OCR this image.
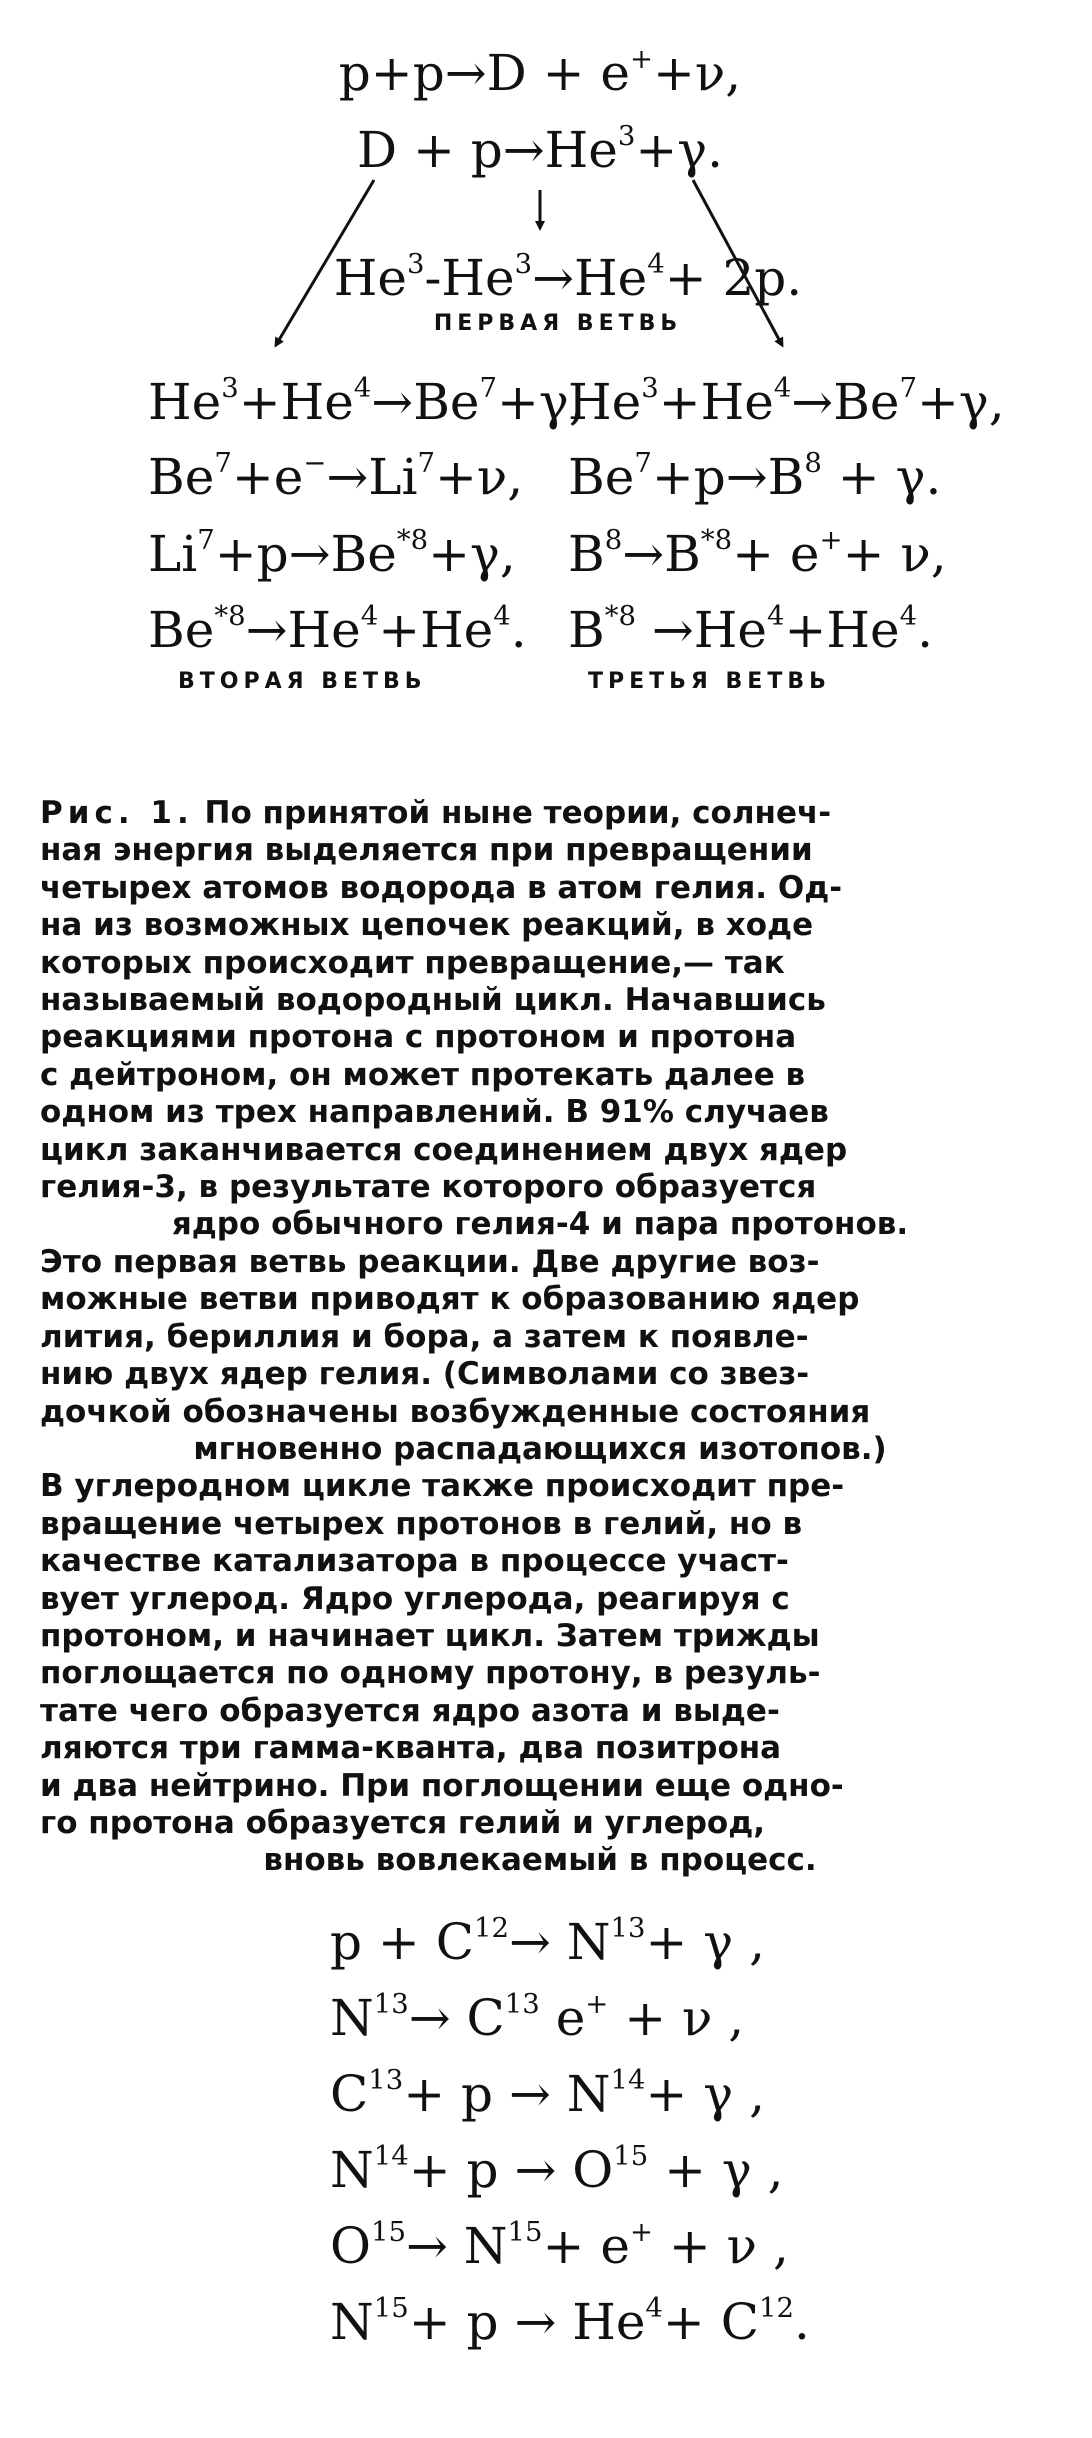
p+p→D + e++ν,
$D + p\to He^3+\gamma$.
$He^3-He^3\to He^4+ 2p$.
ПЕРВАЯ ВЕТВЬ
$He^3+He^4\to Be^7+\gamma$,
$Be^7+e^-\to Li^7+\nu$,
$Li^7+p\to Be^{*8}+\gamma$,
$Be^{*8}\to He^4+He^4$.
ВТОРАЯ ВЕТВЬ
$He^3+He^4\to Be^7+\gamma$,
$Be^7+p\to B^8 + \gamma$.
$B^8\to B^{*8}+ e^++ \nu$,
$B^{*8} \to He^4+He^4$.
ТРЕТЬЯ ВЕТВЬ

Рис. 1. По принятой ныне теории, солнеч-

ная энергия выделяется при превращении

четырех атомов водорода в атом гелия. Од-

на из возможных цепочек реакций, в ходе

которых происходит превращение,— так

называемый водородный цикл. Начавшись

реакциями протона с протоном и протона

с дейтроном, он может протекать далее в

одном из трех направлений. В 91% случаев

цикл заканчивается соединением двух ядер

гелия-3, в результате которого образуется

ядро обычного гелия-4 и пара протонов.

Это первая ветвь реакции. Две другие воз-

можные ветви приводят к образованию ядер

лития, бериллия и бора, а затем к появле-

нию двух ядер гелия. (Символами со звез-

дочкой обозначены возбужденные состояния

мгновенно распадающихся изотопов.)

В углеродном цикле также происходит пре-

вращение четырех протонов в гелий, но в

качестве катализатора в процессе участ-

вует углерод. Ядро углерода, реагируя с

протоном, и начинает цикл. Затем трижды

поглощается по одному протону, в резуль-

тате чего образуется ядро азота и выде-

ляются три гамма-кванта, два позитрона

и два нейтрино. При поглощении еще одно-

го протона образуется гелий и углерод,

вновь вовлекаемый в процесс.

$p + C^{12}\to N^{13}+ \gamma$ ,
$N^{13}\to C^{13}$ e+ + ν ,
$C^{13}+ p \to N^{14}+ \gamma$ ,
$N^{14}+ p \to O^{15} + \gamma$ ,
$O^{15}\to N^{15}+ e^+ + \nu$ ,
$N^{15}+ p \to He^4+ C^{12}$.
